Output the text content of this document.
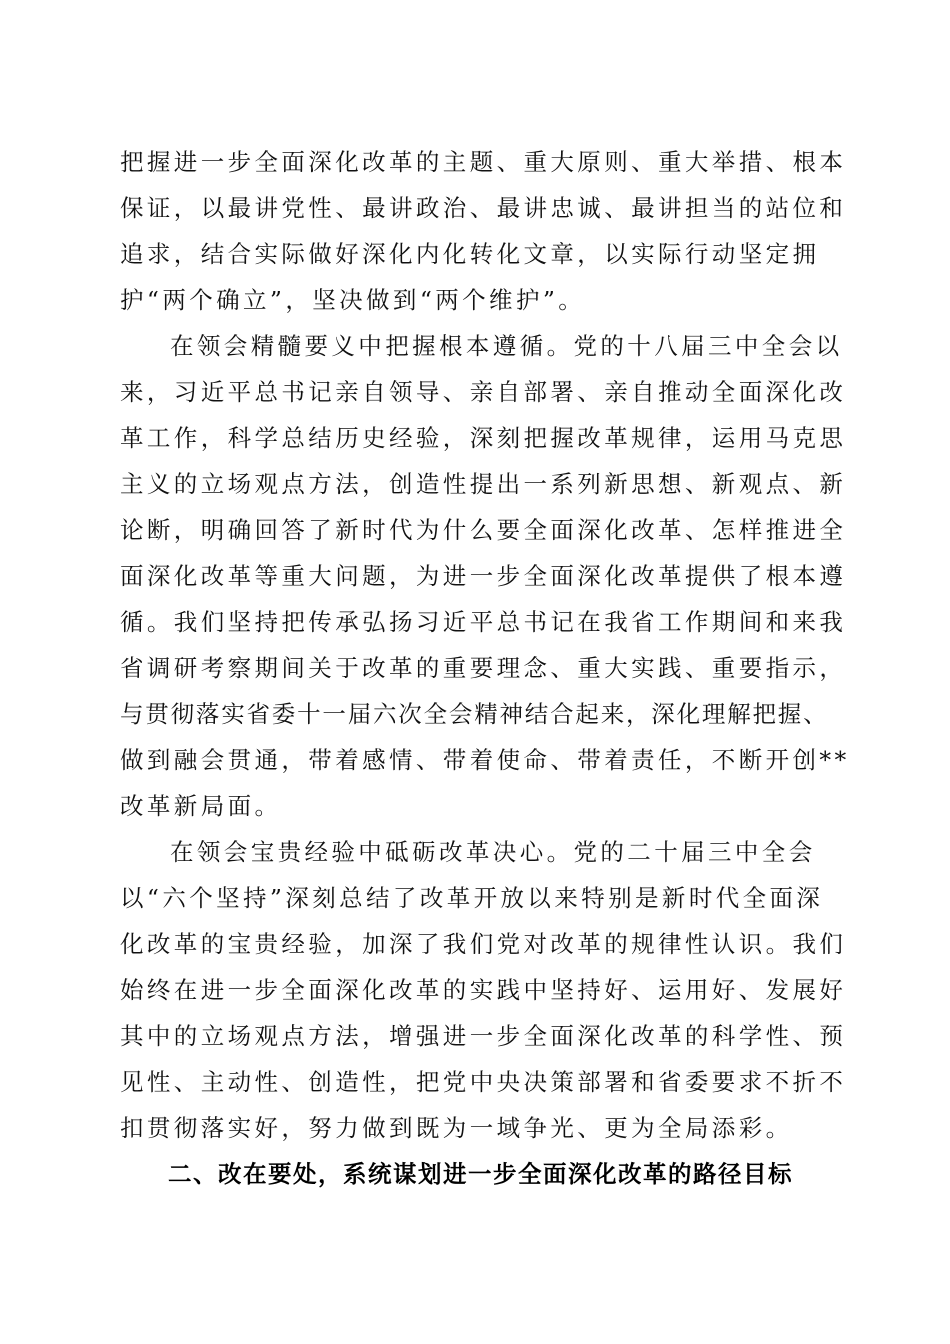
把握进一步全面深化改革的主题、重大原则、重大举措、根本
保证，以最讲党性、最讲政治、最讲忠诚、最讲担当的站位和
追求，结合实际做好深化内化转化文章，以实际行动坚定拥
护“两个确立”，坚决做到“两个维护”。
在领会精髓要义中把握根本遵循。党的十八届三中全会以
来，习近平总书记亲自领导、亲自部署、亲自推动全面深化改
革工作，科学总结历史经验，深刻把握改革规律，运用马克思
主义的立场观点方法，创造性提出一系列新思想、新观点、新
论断，明确回答了新时代为什么要全面深化改革、怎样推进全
面深化改革等重大问题，为进一步全面深化改革提供了根本遵
循。我们坚持把传承弘扬习近平总书记在我省工作期间和来我
省调研考察期间关于改革的重要理念、重大实践、重要指示，
与贯彻落实省委十一届六次全会精神结合起来，深化理解把握、
做到融会贯通，带着感情、带着使命、带着责任，不断开创**
改革新局面。
在领会宝贵经验中砥砺改革决心。党的二十届三中全会
以“六个坚持”深刻总结了改革开放以来特别是新时代全面深
化改革的宝贵经验，加深了我们党对改革的规律性认识。我们
始终在进一步全面深化改革的实践中坚持好、运用好、发展好
其中的立场观点方法，增强进一步全面深化改革的科学性、预
见性、主动性、创造性，把党中央决策部署和省委要求不折不
扣贯彻落实好，努力做到既为一域争光、更为全局添彩。
二、改在要处，系统谋划进一步全面深化改革的路径目标
